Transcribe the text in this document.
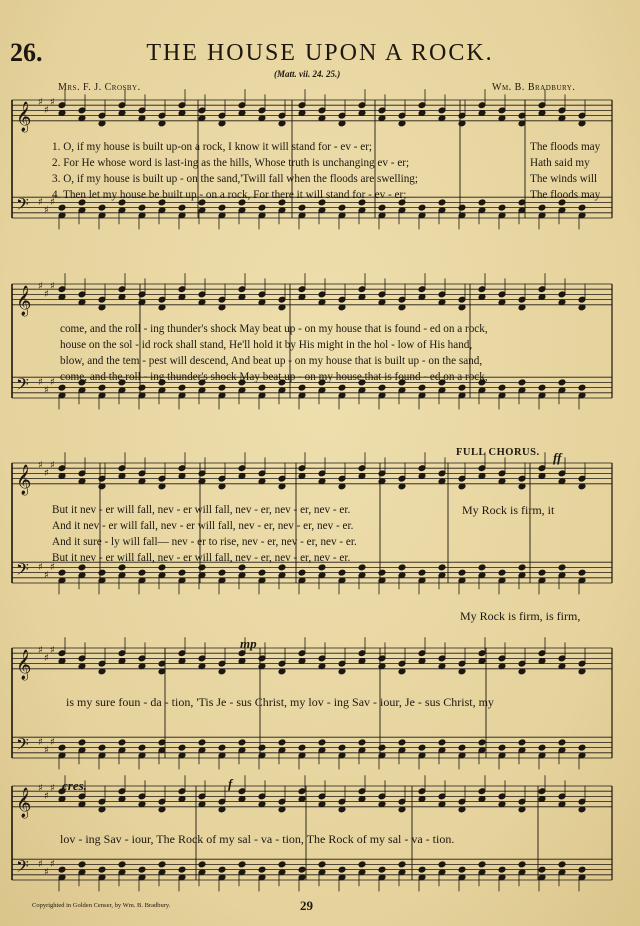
𝄞
𝄢
♯
♯
♯
♯
♯
♯
𝄞
𝄢
♯
♯
♯
♯
♯
♯
𝄞
𝄢
♯
♯
♯
♯
♯
♯
𝄞
𝄢
♯
♯
♯
♯
♯
♯
𝄞
𝄢
♯
♯
♯
♯
♯
♯
26.	THE HOUSE UPON A ROCK.
(Matt. vii. 24. 25.)
Mrs. F. J. Crosby.	Wm. B. Bradbury.
1. O, if my house is built up-on a rock, I know it will stand for - ev - er;
2. For He whose word is last-ing as the hills, Whose truth is unchanging ev - er;
3. O, if my house is built up - on the sand,'Twill fall when the floods are swelling;
4. Then let my house be built up - on a rock, For there it will stand for - ev - er;
The floods may
Hath said my
The winds will
The floods may
come, and the roll - ing thunder's shock May beat up - on my house that is found - ed on a rock,
house on the sol - id rock shall stand, He'll hold it by His might in the hol - low of His hand,
blow, and the tem - pest will descend, And beat up - on my house that is built up - on the sand,
come, and the roll - ing thunder's shock May beat up - on my house that is found - ed on a rock,
FULL CHORUS. ff
But it nev - er will fall, nev - er will fall, nev - er, nev - er, nev - er.
And it nev - er will fall, nev - er will fall, nev - er, nev - er, nev - er.
And it sure - ly will fall— nev - er to rise, nev - er, nev - er, nev - er.
But it nev - er will fall, nev - er will fall, nev - er, nev - er, nev - er.
My Rock is firm, it
My Rock is firm, is firm,
mp
is my sure foun - da - tion, 'Tis Je - sus Christ, my lov - ing Sav - iour, Je - sus Christ, my
cres.	f
lov - ing Sav - iour, The Rock of my sal - va - tion, The Rock of my sal - va - tion.
Copyrighted in Golden Censer, by Wm. B. Bradbury.	29
